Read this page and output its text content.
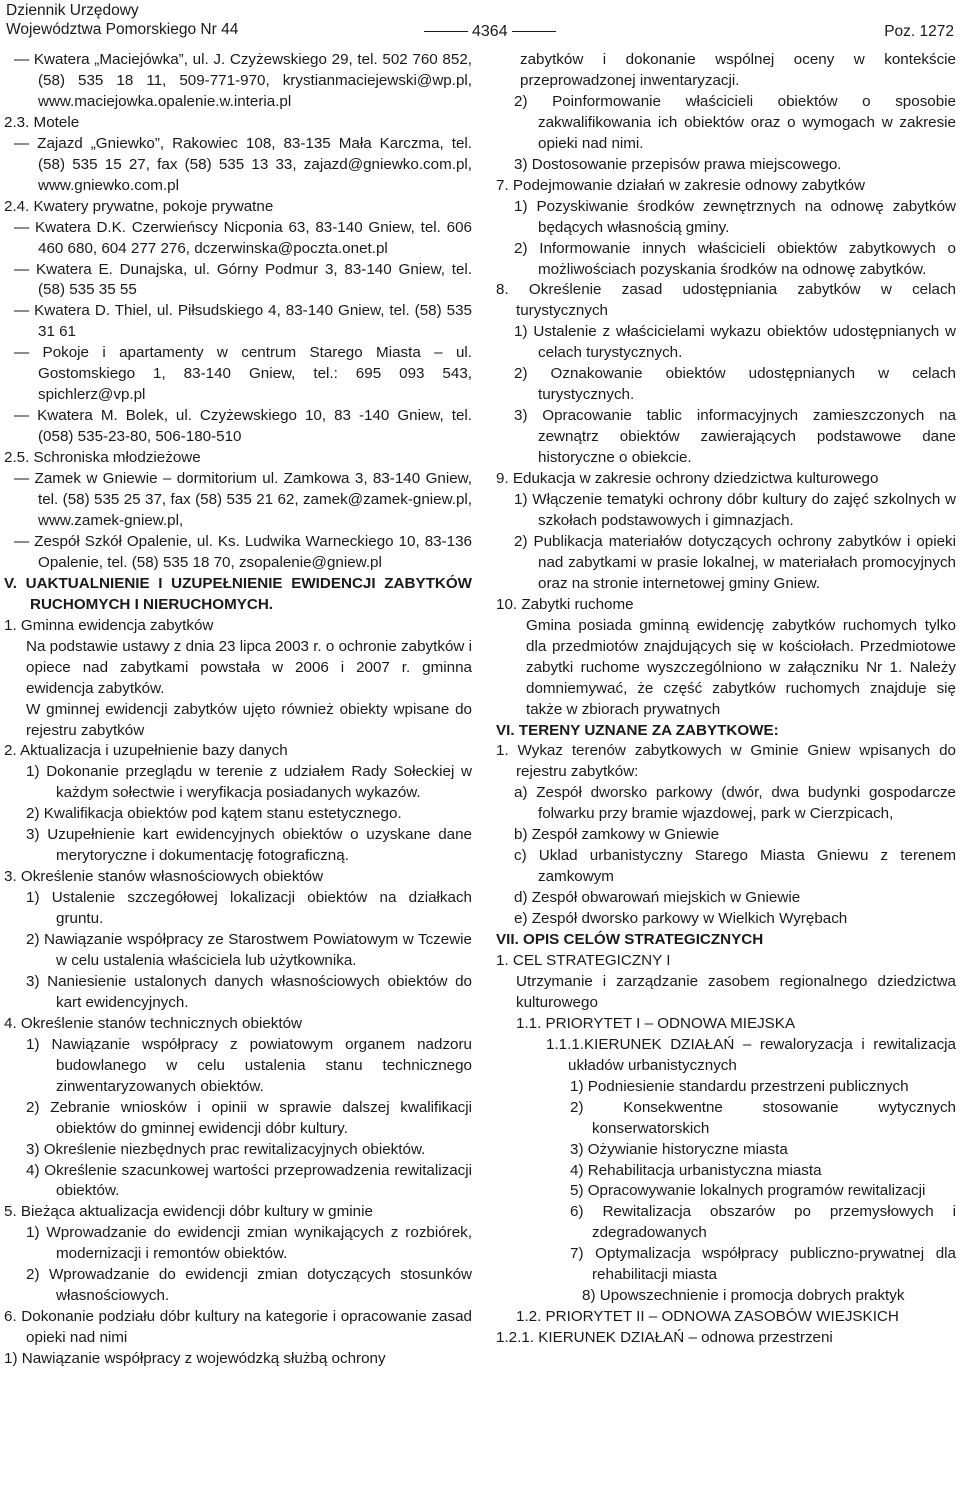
Dziennik Urzędowy
Województwa Pomorskiego Nr 44	4364	Poz. 1272

— Kwatera „Maciejówka”, ul. J. Czyżewskiego 29, tel. 502 760 852, (58) 535 18 11, 509-771-970, krystianmaciejewski@wp.pl, www.maciejowka.opalenie.w.interia.pl

2.3. Motele

— Zajazd „Gniewko”, Rakowiec 108, 83-135 Mała Karczma, tel. (58) 535 15 27, fax (58) 535 13 33, zajazd@gniewko.com.pl, www.gniewko.com.pl

2.4. Kwatery prywatne, pokoje prywatne

— Kwatera D.K. Czerwieńscy Nicponia 63, 83-140 Gniew, tel. 606 460 680, 604 277 276, dczerwinska@poczta.onet.pl

— Kwatera E. Dunajska, ul. Górny Podmur 3, 83-140 Gniew, tel. (58) 535 35 55

— Kwatera D. Thiel, ul. Piłsudskiego 4, 83-140 Gniew, tel. (58) 535 31 61

— Pokoje i apartamenty w centrum Starego Miasta – ul. Gostomskiego 1, 83-140 Gniew, tel.: 695 093 543, spichlerz@vp.pl

— Kwatera M. Bolek, ul. Czyżewskiego 10, 83 -140 Gniew, tel. (058) 535-23-80, 506-180-510

2.5. Schroniska młodzieżowe

— Zamek w Gniewie – dormitorium ul. Zamkowa 3, 83-140 Gniew, tel. (58) 535 25 37, fax (58) 535 21 62, zamek@zamek-gniew.pl, www.zamek-gniew.pl,

— Zespół Szkół Opalenie, ul. Ks. Ludwika Warneckiego 10, 83-136 Opalenie, tel. (58) 535 18 70, zsopalenie@gniew.pl

V. UAKTUALNIENIE I UZUPEŁNIENIE EWIDENCJI ZABYTKÓW RUCHOMYCH I NIERUCHOMYCH.

1. Gminna ewidencja zabytków

Na podstawie ustawy z dnia 23 lipca 2003 r. o ochronie zabytków i opiece nad zabytkami powstała w 2006 i 2007 r. gminna ewidencja zabytków.

W gminnej ewidencji zabytków ujęto również obiekty wpisane do rejestru zabytków

2. Aktualizacja i uzupełnienie bazy danych

1) Dokonanie przeglądu w terenie z udziałem Rady Sołeckiej w każdym sołectwie i weryfikacja posiadanych wykazów.

2) Kwalifikacja obiektów pod kątem stanu estetycznego.

3) Uzupełnienie kart ewidencyjnych obiektów o uzyskane dane merytoryczne i dokumentację fotograficzną.

3. Określenie stanów własnościowych obiektów

1) Ustalenie szczegółowej lokalizacji obiektów na działkach gruntu.

2) Nawiązanie współpracy ze Starostwem Powiatowym w Tczewie w celu ustalenia właściciela lub użytkownika.

3) Naniesienie ustalonych danych własnościowych obiektów do kart ewidencyjnych.

4. Określenie stanów technicznych obiektów

1) Nawiązanie współpracy z powiatowym organem nadzoru budowlanego w celu ustalenia stanu technicznego zinwentaryzowanych obiektów.

2) Zebranie wniosków i opinii w sprawie dalszej kwalifikacji obiektów do gminnej ewidencji dóbr kultury.

3) Określenie niezbędnych prac rewitalizacyjnych obiektów.

4) Określenie szacunkowej wartości przeprowadzenia rewitalizacji obiektów.

5. Bieżąca aktualizacja ewidencji dóbr kultury w gminie

1) Wprowadzanie do ewidencji zmian wynikających z rozbiórek, modernizacji i remontów obiektów.

2) Wprowadzanie do ewidencji zmian dotyczących stosunków własnościowych.

6. Dokonanie podziału dóbr kultury na kategorie i opracowanie zasad opieki nad nimi

1) Nawiązanie współpracy z wojewódzką służbą ochrony

zabytków i dokonanie wspólnej oceny w kontekście przeprowadzonej inwentaryzacji.

2) Poinformowanie właścicieli obiektów o sposobie zakwalifikowania ich obiektów oraz o wymogach w zakresie opieki nad nimi.

3) Dostosowanie przepisów prawa miejscowego.

7. Podejmowanie działań w zakresie odnowy zabytków

1) Pozyskiwanie środków zewnętrznych na odnowę zabytków będących własnością gminy.

2) Informowanie innych właścicieli obiektów zabytkowych o możliwościach pozyskania środków na odnowę zabytków.

8. Określenie zasad udostępniania zabytków w celach turystycznych

1) Ustalenie z właścicielami wykazu obiektów udostępnianych w celach turystycznych.

2) Oznakowanie obiektów udostępnianych w celach turystycznych.

3) Opracowanie tablic informacyjnych zamieszczonych na zewnątrz obiektów zawierających podstawowe dane historyczne o obiekcie.

9. Edukacja w zakresie ochrony dziedzictwa kulturowego

1) Włączenie tematyki ochrony dóbr kultury do zajęć szkolnych w szkołach podstawowych i gimnazjach.

2) Publikacja materiałów dotyczących ochrony zabytków i opieki nad zabytkami w prasie lokalnej, w materiałach promocyjnych oraz na stronie internetowej gminy Gniew.

10. Zabytki ruchome

Gmina posiada gminną ewidencję zabytków ruchomych tylko dla przedmiotów znajdujących się w kościołach. Przedmiotowe zabytki ruchome wyszczególniono w załączniku Nr 1. Należy domniemywać, że część zabytków ruchomych znajduje się także w zbiorach prywatnych

VI. TERENY UZNANE ZA ZABYTKOWE:

1. Wykaz terenów zabytkowych w Gminie Gniew wpisanych do rejestru zabytków:

a) Zespół dworsko parkowy (dwór, dwa budynki gospodarcze folwarku przy bramie wjazdowej, park w Cierzpicach,

b) Zespół zamkowy w Gniewie

c) Uklad urbanistyczny Starego Miasta Gniewu z terenem zamkowym

d) Zespół obwarowań miejskich w Gniewie

e) Zespół dworsko parkowy w Wielkich Wyrębach

VII. OPIS CELÓW STRATEGICZNYCH

1. CEL STRATEGICZNY I

Utrzymanie i zarządzanie zasobem regionalnego dziedzictwa kulturowego

1.1. PRIORYTET I – ODNOWA MIEJSKA

1.1.1.KIERUNEK DZIAŁAŃ – rewaloryzacja i rewitalizacja układów urbanistycznych

1) Podniesienie standardu przestrzeni publicznych

2) Konsekwentne stosowanie wytycznych konserwatorskich

3) Ożywianie historyczne miasta

4) Rehabilitacja urbanistyczna miasta

5) Opracowywanie lokalnych programów rewitalizacji

6) Rewitalizacja obszarów po przemysłowych i zdegradowanych

7) Optymalizacja współpracy publiczno-prywatnej dla rehabilitacji miasta

8) Upowszechnienie i promocja dobrych praktyk

1.2. PRIORYTET II – ODNOWA ZASOBÓW WIEJSKICH

1.2.1. KIERUNEK DZIAŁAŃ – odnowa przestrzeni
